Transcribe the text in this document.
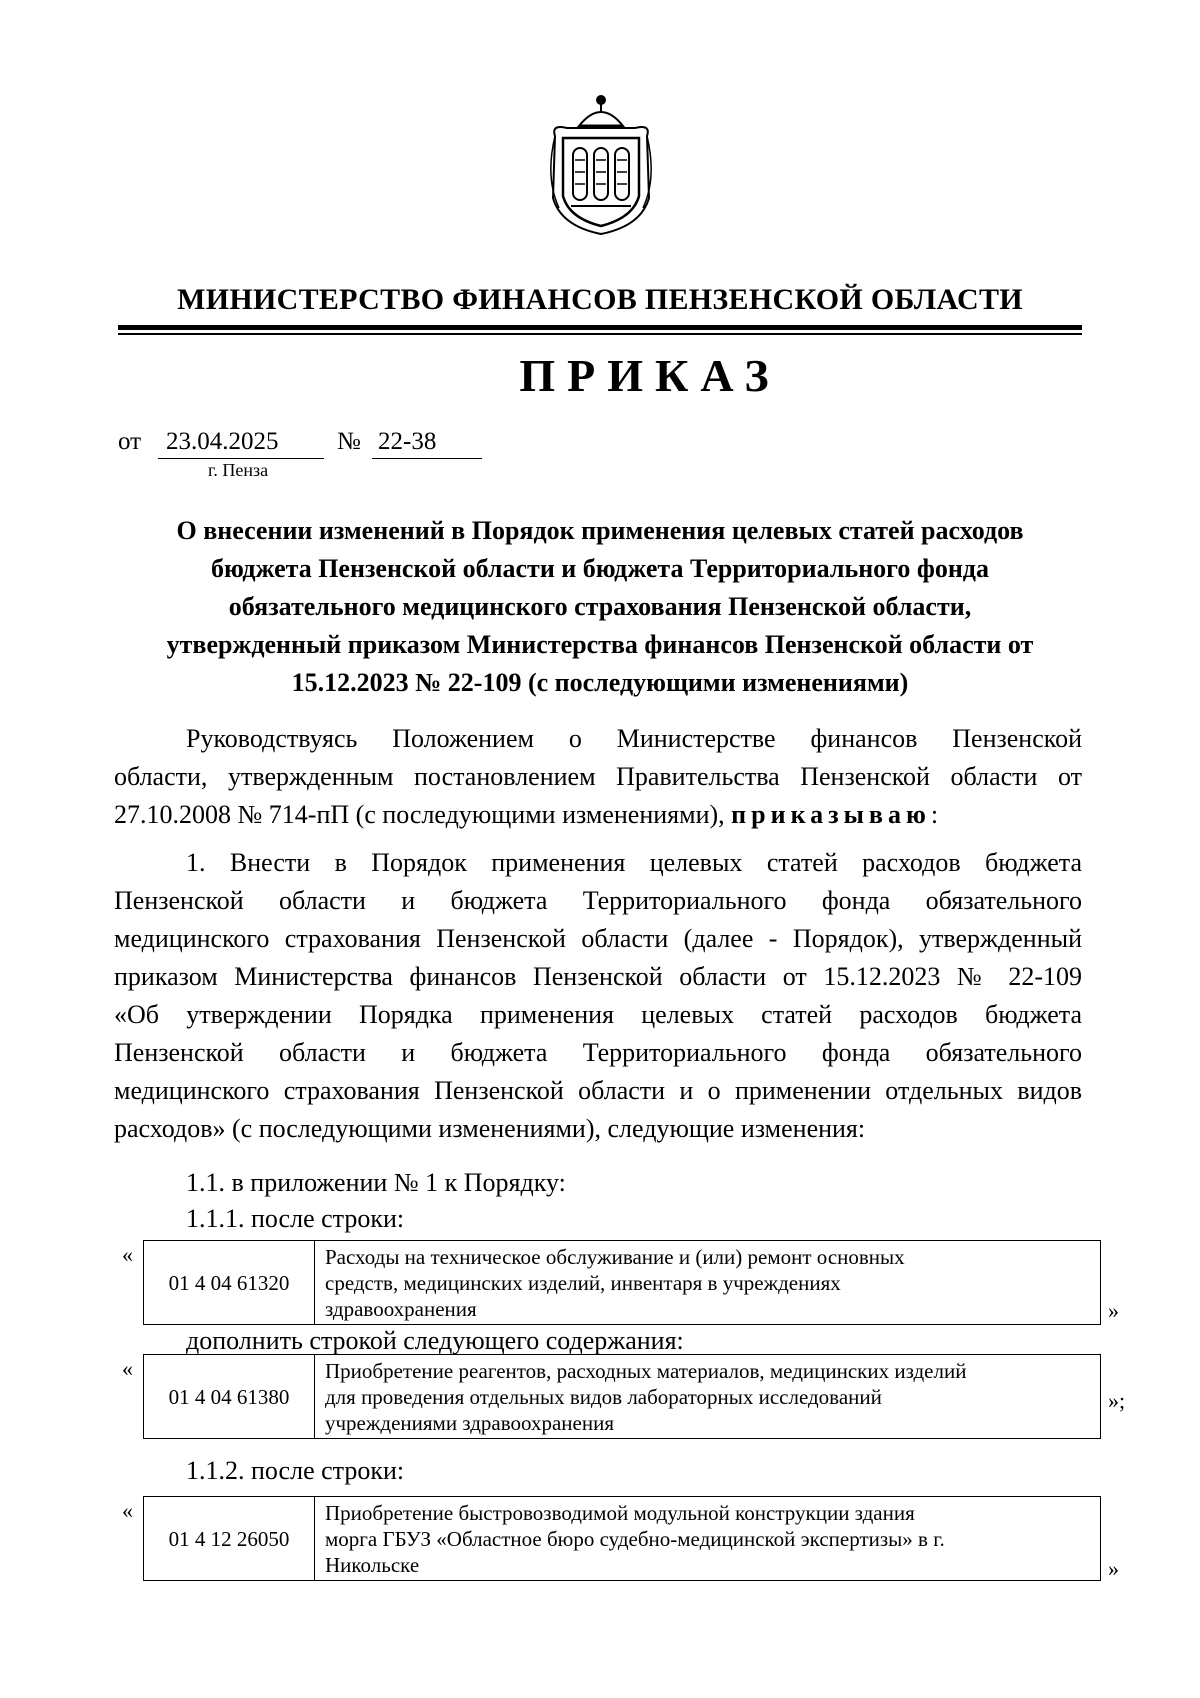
МИНИСТЕРСТВО ФИНАНСОВ ПЕНЗЕНСКОЙ ОБЛАСТИ
ПРИКАЗ
от 23.04.2025 № 22-38
г. Пенза
О внесении изменений в Порядок применения целевых статей расходов
бюджета Пензенской области и бюджета Территориального фонда
обязательного медицинского страхования Пензенской области,
утвержденный приказом Министерства финансов Пензенской области от
15.12.2023 № 22-109 (с последующими изменениями)
Руководствуясь Положением о Министерстве финансов Пензенской
области, утвержденным постановлением Правительства Пензенской области от
27.10.2008 № 714-пП (с последующими изменениями), приказываю:
1. Внести в Порядок применения целевых статей расходов бюджета
Пензенской области и бюджета Территориального фонда обязательного
медицинского страхования Пензенской области (далее - Порядок), утвержденный
приказом Министерства финансов Пензенской области от 15.12.2023 № 22-109
«Об утверждении Порядка применения целевых статей расходов бюджета
Пензенской области и бюджета Территориального фонда обязательного
медицинского страхования Пензенской области и о применении отдельных видов
расходов» (с последующими изменениями), следующие изменения:
1.1. в приложении № 1 к Порядку:
1.1.1. после строки:
«
01 4 04 61320	
Расходы на техническое обслуживание и (или) ремонт основных
средств, медицинских изделий, инвентаря в учреждениях
здравоохранения	»
дополнить строкой следующего содержания:
«
01 4 04 61380	
Приобретение реагентов, расходных материалов, медицинских изделий
для проведения отдельных видов лабораторных исследований
учреждениями здравоохранения
»;
1.1.2. после строки:
«
01 4 12 26050	
Приобретение быстровозводимой модульной конструкции здания
морга ГБУЗ «Областное бюро судебно-медицинской экспертизы» в г.
Никольске	»
